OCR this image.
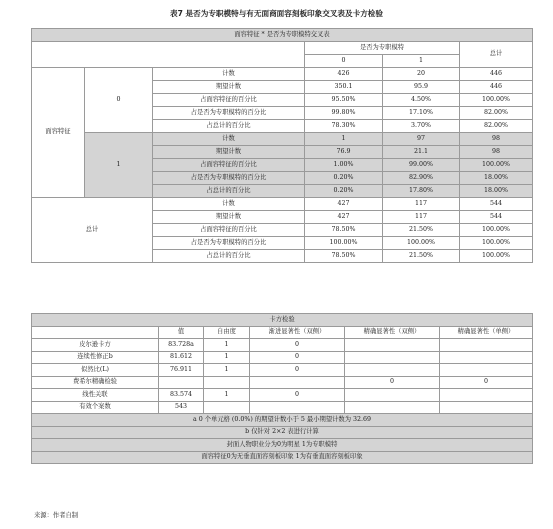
表7 是否为专职模特与有无面商面容刻板印象交叉表及卡方检验
面容特征 * 是否为专职模特交叉表					
			是否为专职模特		总计
			0	1	
面容特征	0	计数	426	20	446
		期望计数	350.1	95.9	446
		占面容特征的百分比	95.50%	4.50%	100.00%
		占是否为专职模特的百分比	99.80%	17.10%	82.00%
		占总计的百分比	78.30%	3.70%	82.00%
	1	计数	1	97	98
		期望计数	76.9	21.1	98
		占面容特征的百分比	1.00%	99.00%	100.00%
		占是否为专职模特的百分比	0.20%	82.90%	18.00%
		占总计的百分比	0.20%	17.80%	18.00%
总计		计数	427	117	544
		期望计数	427	117	544
		占面容特征的百分比	78.50%	21.50%	100.00%
		占是否为专职模特的百分比	100.00%	100.00%	100.00%
		占总计的百分比	78.50%	21.50%	100.00%
卡方检验					
	值	自由度	渐进显著性（双侧）	精确显著性（双侧）	精确显著性（单侧）
皮尔逊卡方	83.728a	1	0		
连续性修正b	81.612	1	0		
似然比(L)	76.911	1	0		
费希尔精确检验				0	0
线性关联	83.574	1	0		
有效个案数	543				
a 0 个单元格 (0.0%) 的期望计数小于 5 最小期望计数为 32.69					
b 仅针对 2×2 表进行计算					
封面人物职业分为0为明星 1为专职模特					
面容特征0为无垂直面容刻板印象 1为有垂直面容刻板印象					
来源：作者自制
